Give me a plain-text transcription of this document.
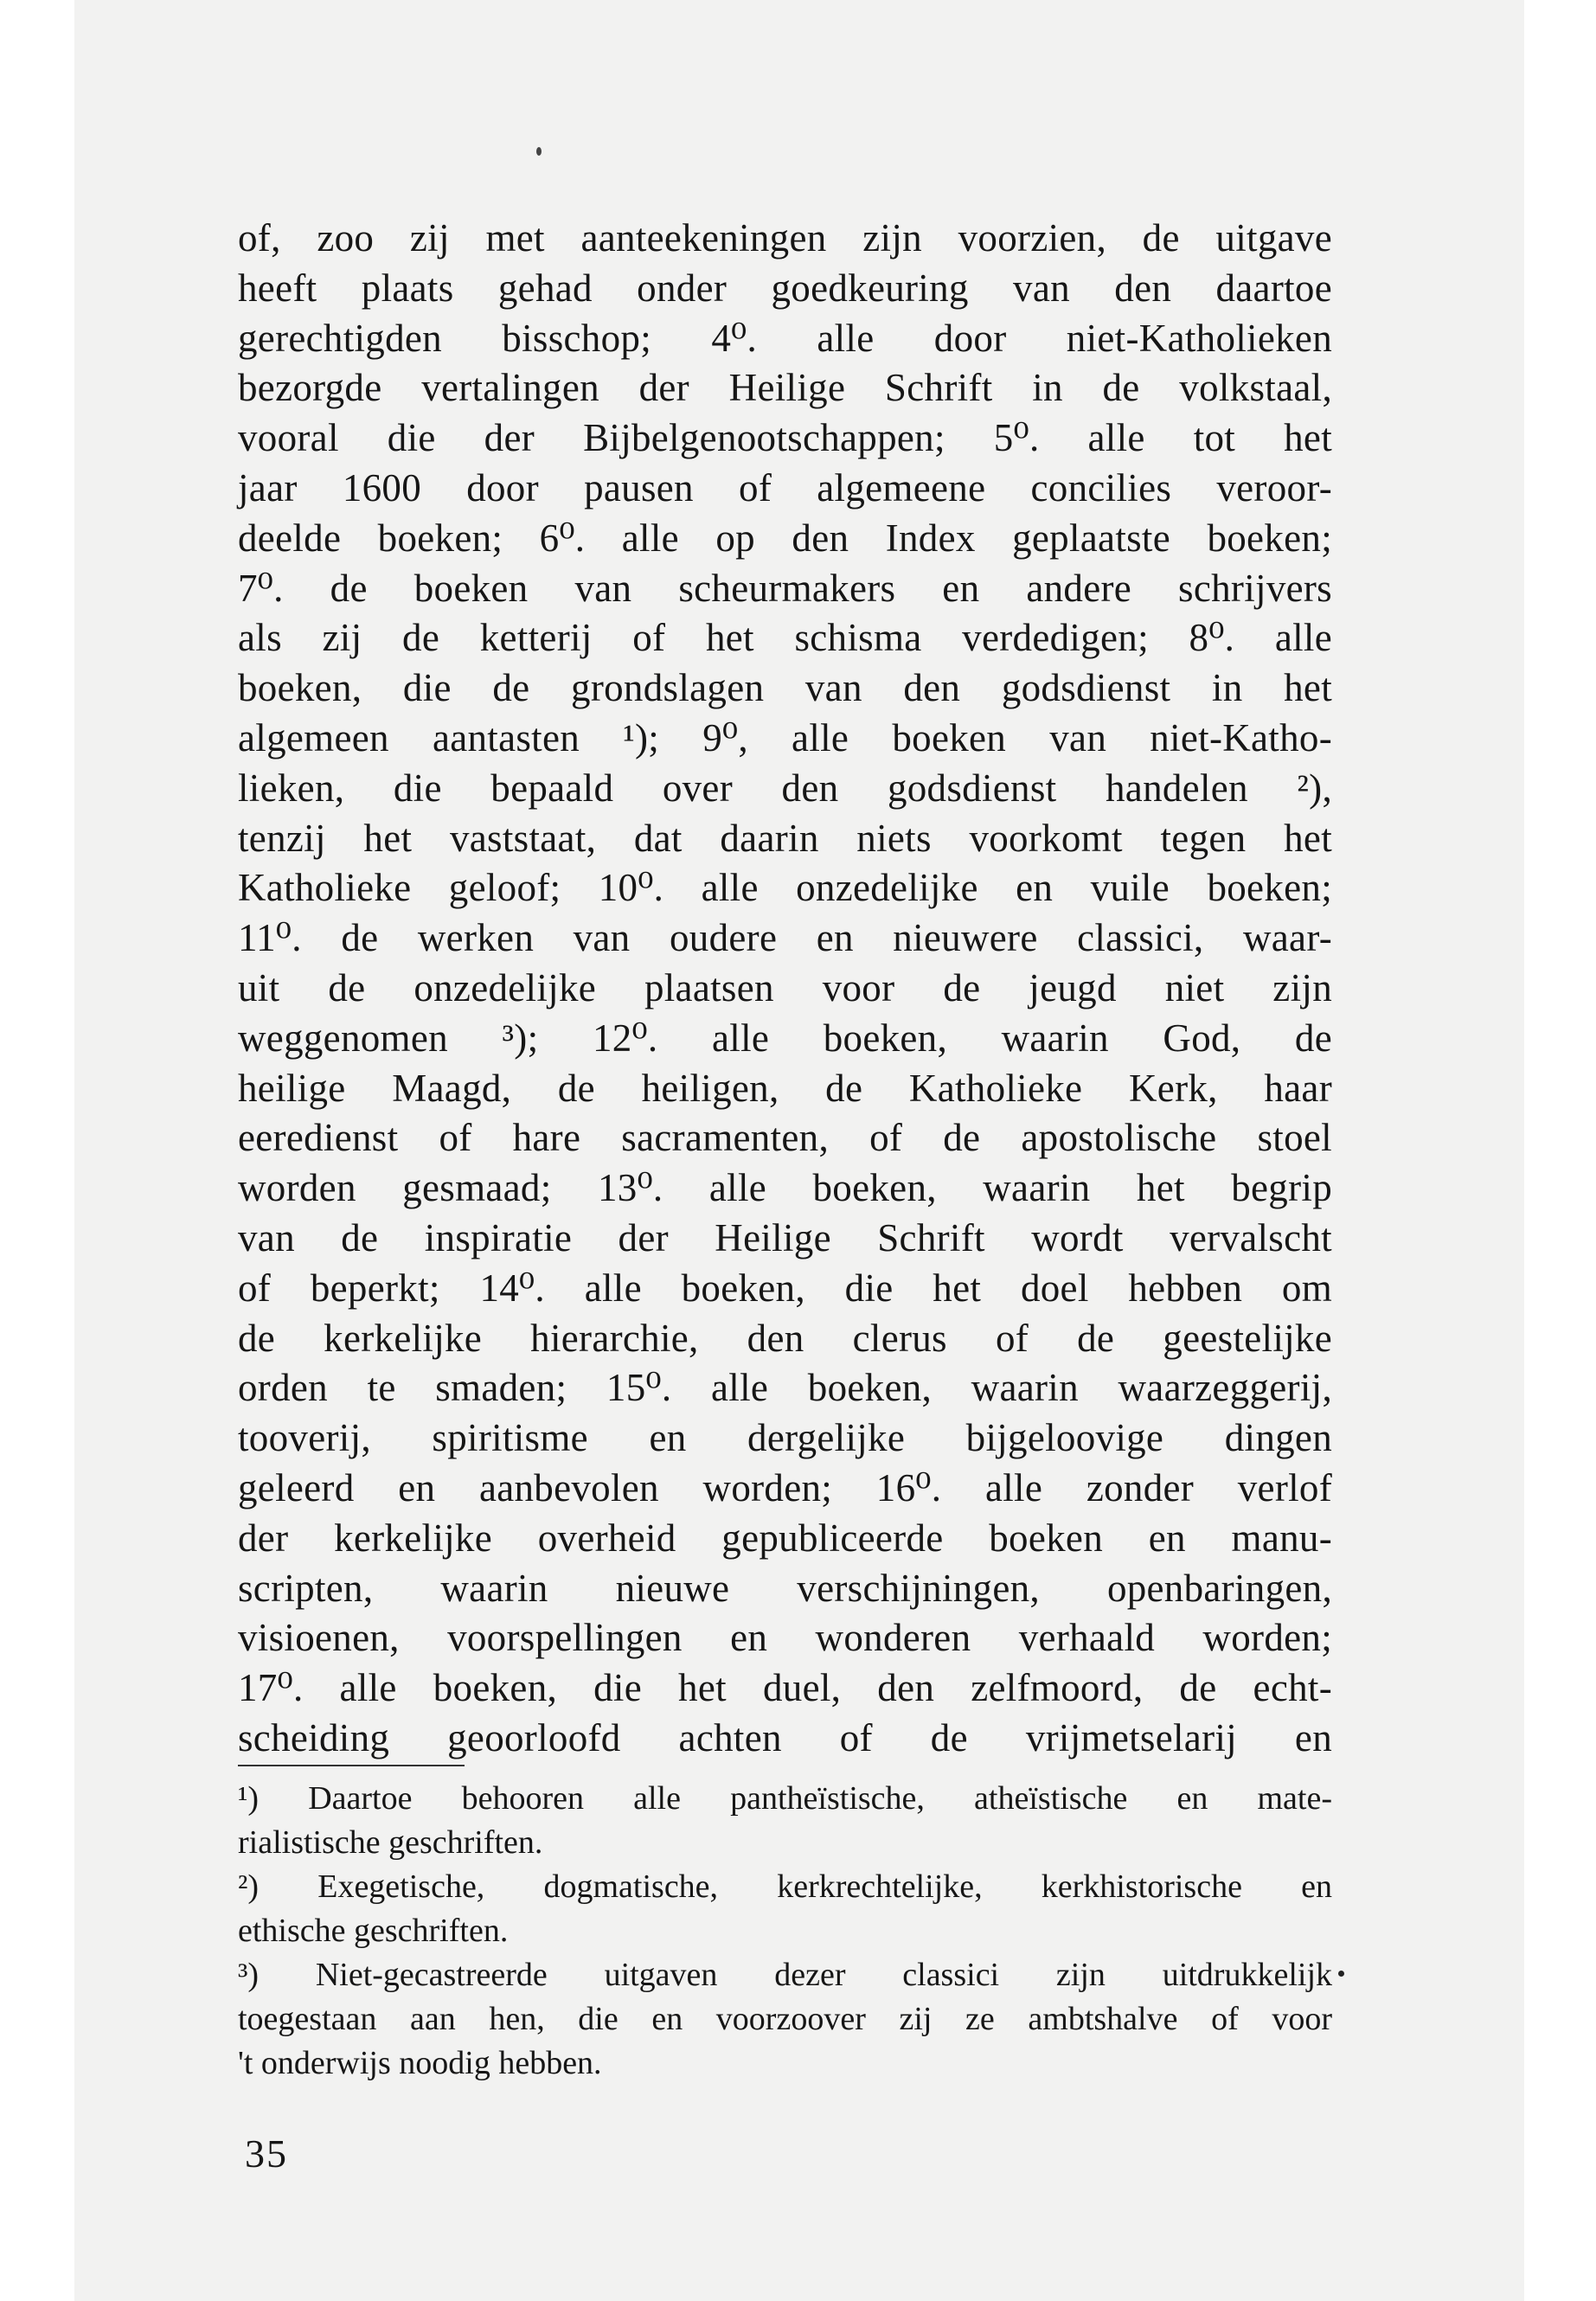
of, zoo zij met aanteekeningen zijn voorzien, de uitgave
heeft plaats gehad onder goedkeuring van den daartoe
gerechtigden bisschop; 4⁰. alle door niet-Katholieken
bezorgde vertalingen der Heilige Schrift in de volkstaal,
vooral die der Bijbelgenootschappen; 5⁰. alle tot het
jaar 1600 door pausen of algemeene concilies veroor-
deelde boeken; 6⁰. alle op den Index geplaatste boeken;
7⁰. de boeken van scheurmakers en andere schrijvers
als zij de ketterij of het schisma verdedigen; 8⁰. alle
boeken, die de grondslagen van den godsdienst in het
algemeen aantasten ¹); 9⁰, alle boeken van niet-Katho-
lieken, die bepaald over den godsdienst handelen ²),
tenzij het vaststaat, dat daarin niets voorkomt tegen het
Katholieke geloof; 10⁰. alle onzedelijke en vuile boeken;
11⁰. de werken van oudere en nieuwere classici, waar-
uit de onzedelijke plaatsen voor de jeugd niet zijn
weggenomen ³); 12⁰. alle boeken, waarin God, de
heilige Maagd, de heiligen, de Katholieke Kerk, haar
eeredienst of hare sacramenten, of de apostolische stoel
worden gesmaad; 13⁰. alle boeken, waarin het begrip
van de inspiratie der Heilige Schrift wordt vervalscht
of beperkt; 14⁰. alle boeken, die het doel hebben om
de kerkelijke hierarchie, den clerus of de geestelijke
orden te smaden; 15⁰. alle boeken, waarin waarzeggerij,
tooverij, spiritisme en dergelijke bijgeloovige dingen
geleerd en aanbevolen worden; 16⁰. alle zonder verlof
der kerkelijke overheid gepubliceerde boeken en manu-
scripten, waarin nieuwe verschijningen, openbaringen,
visioenen, voorspellingen en wonderen verhaald worden;
17⁰. alle boeken, die het duel, den zelfmoord, de echt-
scheiding geoorloofd achten of de vrijmetselarij en
¹) Daartoe behooren alle pantheïstische, atheïstische en mate-
rialistische geschriften.
²) Exegetische, dogmatische, kerkrechtelijke, kerkhistorische en
ethische geschriften.
³) Niet-gecastreerde uitgaven dezer classici zijn uitdrukkelijk
toegestaan aan hen, die en voorzoover zij ze ambtshalve of voor
't onderwijs noodig hebben.
35
